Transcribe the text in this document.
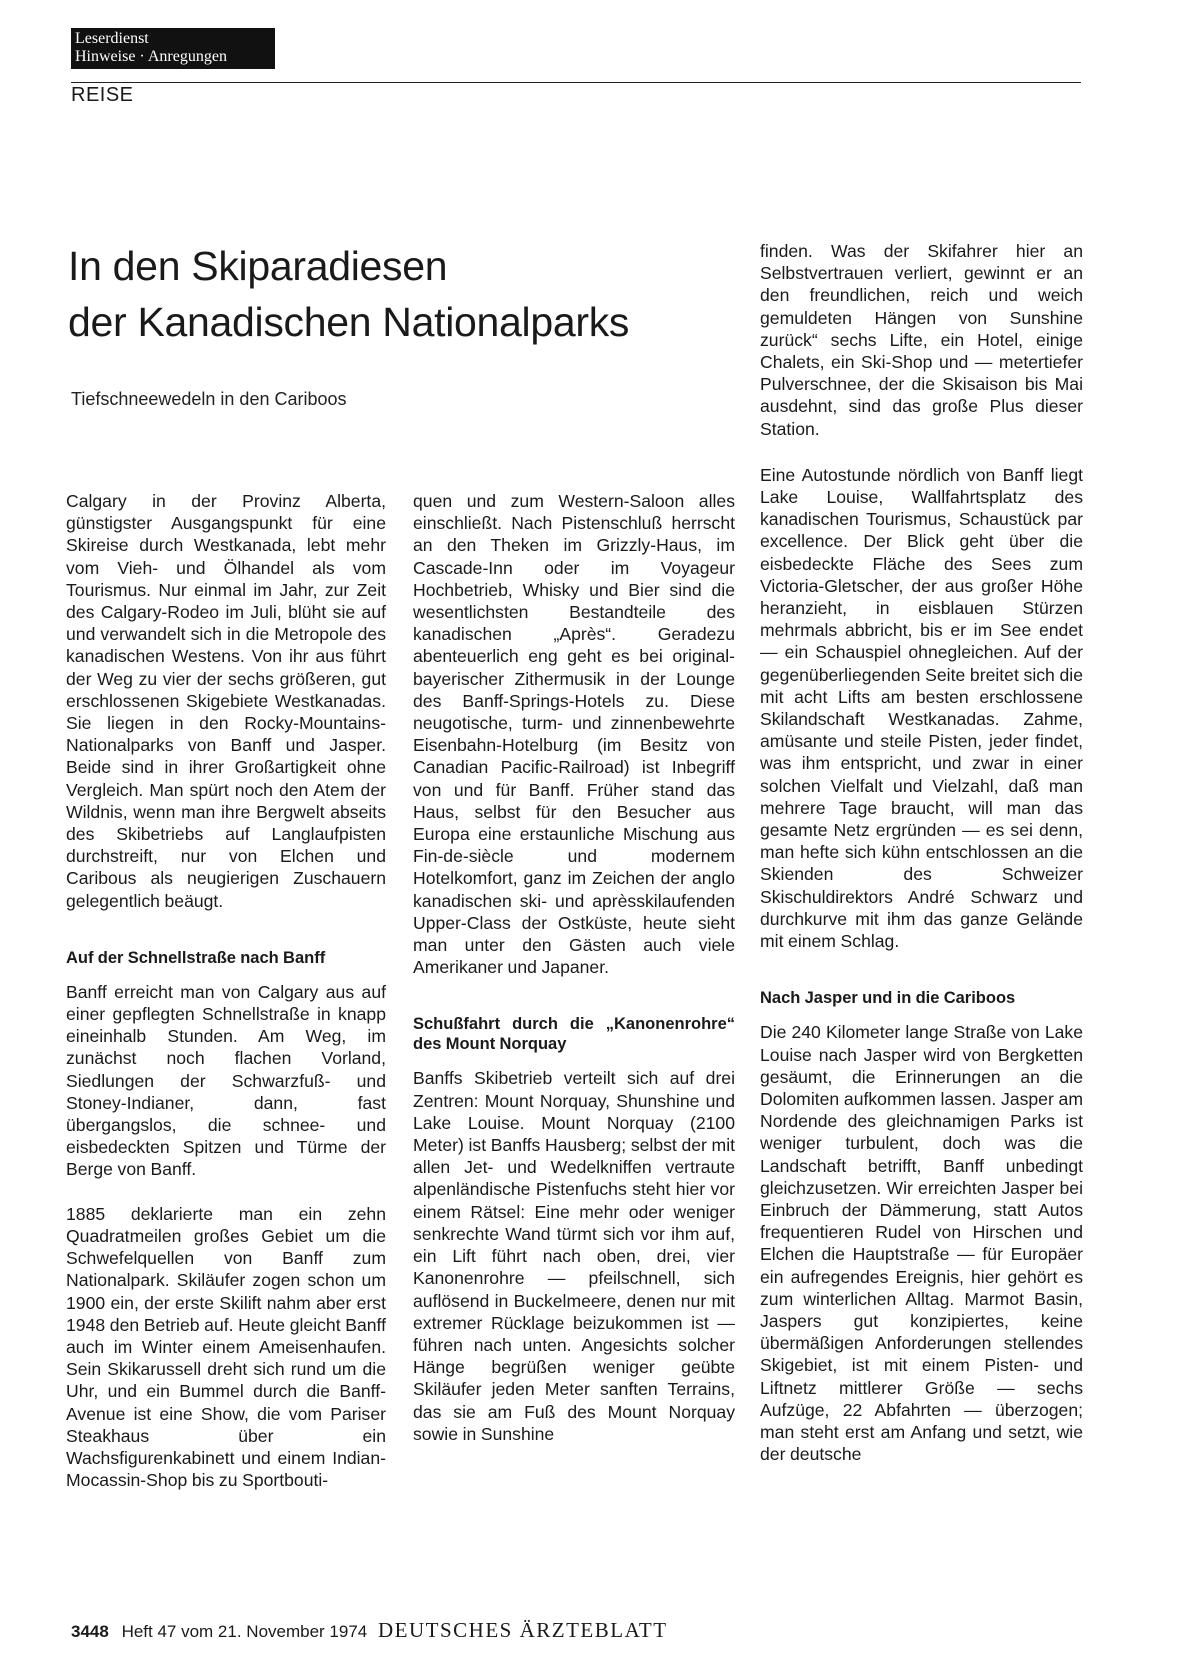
Leserdienst
Hinweise · Anregungen
REISE
In den Skiparadiesen
der Kanadischen Nationalparks
Tiefschneewedeln in den Cariboos

Calgary in der Provinz Alberta, günstigster Ausgangspunkt für eine Skireise durch Westkanada, lebt mehr vom Vieh- und Ölhandel als vom Tourismus. Nur einmal im Jahr, zur Zeit des Calgary-Rodeo im Juli, blüht sie auf und verwandelt sich in die Metropole des kanadischen Westens. Von ihr aus führt der Weg zu vier der sechs größeren, gut erschlossenen Skigebiete Westkanadas. Sie liegen in den Rocky-Mountains-Nationalparks von Banff und Jasper. Beide sind in ihrer Großartigkeit ohne Vergleich. Man spürt noch den Atem der Wildnis, wenn man ihre Bergwelt abseits des Skibetriebs auf Langlaufpisten durchstreift, nur von Elchen und Caribous als neugierigen Zuschauern gelegentlich beäugt.

Auf der Schnellstraße nach Banff

Banff erreicht man von Calgary aus auf einer gepflegten Schnellstraße in knapp eineinhalb Stunden. Am Weg, im zunächst noch flachen Vorland, Siedlungen der Schwarzfuß- und Stoney-Indianer, dann, fast übergangslos, die schnee- und eisbedeckten Spitzen und Türme der Berge von Banff.

1885 deklarierte man ein zehn Quadratmeilen großes Gebiet um die Schwefelquellen von Banff zum Nationalpark. Skiläufer zogen schon um 1900 ein, der erste Skilift nahm aber erst 1948 den Betrieb auf. Heute gleicht Banff auch im Winter einem Ameisenhaufen. Sein Skikarussell dreht sich rund um die Uhr, und ein Bummel durch die Banff-Avenue ist eine Show, die vom Pariser Steakhaus über ein Wachsfigurenkabinett und einem Indian-Mocassin-Shop bis zu Sportbouti-

quen und zum Western-Saloon alles einschließt. Nach Pistenschluß herrscht an den Theken im Grizzly-Haus, im Cascade-Inn oder im Voyageur Hochbetrieb, Whisky und Bier sind die wesentlichsten Bestandteile des kanadischen „Après“. Geradezu abenteuerlich eng geht es bei original-bayerischer Zithermusik in der Lounge des Banff-Springs-Hotels zu. Diese neugotische, turm- und zinnenbewehrte Eisenbahn-Hotelburg (im Besitz von Canadian Pacific-Railroad) ist Inbegriff von und für Banff. Früher stand das Haus, selbst für den Besucher aus Europa eine erstaunliche Mischung aus Fin-de-siècle und modernem Hotelkomfort, ganz im Zeichen der anglo kanadischen ski- und aprèsskilaufenden Upper-Class der Ostküste, heute sieht man unter den Gästen auch viele Amerikaner und Japaner.

Schußfahrt durch die „Kanonenrohre“ des Mount Norquay

Banffs Skibetrieb verteilt sich auf drei Zentren: Mount Norquay, Shunshine und Lake Louise. Mount Norquay (2100 Meter) ist Banffs Hausberg; selbst der mit allen Jet- und Wedelkniffen vertraute alpenländische Pistenfuchs steht hier vor einem Rätsel: Eine mehr oder weniger senkrechte Wand türmt sich vor ihm auf, ein Lift führt nach oben, drei, vier Kanonenrohre — pfeilschnell, sich auflösend in Buckelmeere, denen nur mit extremer Rücklage beizukommen ist — führen nach unten. Angesichts solcher Hänge begrüßen weniger geübte Skiläufer jeden Meter sanften Terrains, das sie am Fuß des Mount Norquay sowie in Sunshine

finden. Was der Skifahrer hier an Selbstvertrauen verliert, gewinnt er an den freundlichen, reich und weich gemuldeten Hängen von Sunshine zurück“ sechs Lifte, ein Hotel, einige Chalets, ein Ski-Shop und — metertiefer Pulverschnee, der die Skisaison bis Mai ausdehnt, sind das große Plus dieser Station.

Eine Autostunde nördlich von Banff liegt Lake Louise, Wallfahrtsplatz des kanadischen Tourismus, Schaustück par excellence. Der Blick geht über die eisbedeckte Fläche des Sees zum Victoria-Gletscher, der aus großer Höhe heranzieht, in eisblauen Stürzen mehrmals abbricht, bis er im See endet — ein Schauspiel ohnegleichen. Auf der gegenüberliegenden Seite breitet sich die mit acht Lifts am besten erschlossene Skilandschaft Westkanadas. Zahme, amüsante und steile Pisten, jeder findet, was ihm entspricht, und zwar in einer solchen Vielfalt und Vielzahl, daß man mehrere Tage braucht, will man das gesamte Netz ergründen — es sei denn, man hefte sich kühn entschlossen an die Skienden des Schweizer Skischuldirektors André Schwarz und durchkurve mit ihm das ganze Gelände mit einem Schlag.

Nach Jasper und in die Cariboos

Die 240 Kilometer lange Straße von Lake Louise nach Jasper wird von Bergketten gesäumt, die Erinnerungen an die Dolomiten aufkommen lassen. Jasper am Nordende des gleichnamigen Parks ist weniger turbulent, doch was die Landschaft betrifft, Banff unbedingt gleichzusetzen. Wir erreichten Jasper bei Einbruch der Dämmerung, statt Autos frequentieren Rudel von Hirschen und Elchen die Hauptstraße — für Europäer ein aufregendes Ereignis, hier gehört es zum winterlichen Alltag. Marmot Basin, Jaspers gut konzipiertes, keine übermäßigen Anforderungen stellendes Skigebiet, ist mit einem Pisten- und Liftnetz mittlerer Größe — sechs Aufzüge, 22 Abfahrten — überzogen; man steht erst am Anfang und setzt, wie der deutsche

3448 Heft 47 vom 21. November 1974 DEUTSCHES ÄRZTEBLATT
